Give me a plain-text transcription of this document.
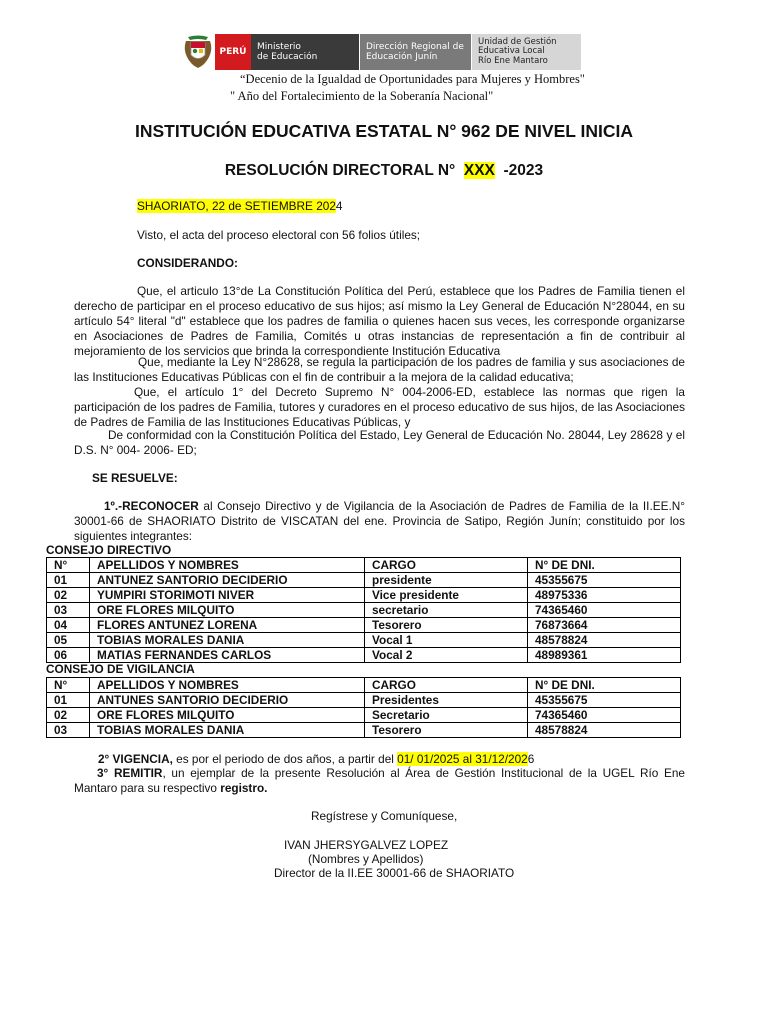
PERÚ	Ministerio
de Educación
Dirección Regional de
Educación Junín
Unidad de Gestión
Educativa Local
Río Ene Mantaro
“Decenio de la Igualdad de Oportunidades para Mujeres y Hombres"
" Año del Fortalecimiento de la Soberanía Nacional"
INSTITUCIÓN EDUCATIVA ESTATAL N° 962 DE NIVEL INICIA
RESOLUCIÓN DIRECTORAL N° XXX -2023
SHAORIATO, 22 de SETIEMBRE 2024
Visto, el acta del proceso electoral con 56 folios útiles;
CONSIDERANDO:
Que, el articulo 13°de La Constitución Política del Perú, establece que los Padres de Familia tienen el derecho de participar en el proceso educativo de sus hijos; así mismo la Ley General de Educación N°28044, en su artículo 54° literal "d" establece que los padres de familia o quienes hacen sus veces, les corresponde organizarse en Asociaciones de Padres de Familia, Comités u otras instancias de representación a fin de contribuir al mejoramiento de los servicios que brinda la correspondiente Institución Educativa
Que, mediante la Ley N°28628, se regula la participación de los padres de familia y sus asociaciones de las Instituciones Educativas Públicas con el fin de contribuir a la mejora de la calidad educativa;
Que, el artículo 1° del Decreto Supremo N° 004-2006-ED, establece las normas que rigen la participación de los padres de Familia, tutores y curadores en el proceso educativo de sus hijos, de las Asociaciones de Padres de Familia de las Instituciones Educativas Públicas, y
De conformidad con la Constitución Política del Estado, Ley General de Educación No. 28044, Ley 28628 y el D.S. N° 004- 2006- ED;
SE RESUELVE:
1º.-RECONOCER al Consejo Directivo y de Vigilancia de la Asociación de Padres de Familia de la II.EE.N° 30001-66 de SHAORIATO Distrito de VISCATAN del ene. Provincia de Satipo, Región Junín; constituido por los siguientes integrantes:
CONSEJO DIRECTIVO
N°	APELLIDOS Y NOMBRES	CARGO	N° DE DNI.
01	ANTUNEZ SANTORIO DECIDERIO	presidente	45355675
02	YUMPIRI STORIMOTI NIVER	Vice presidente	48975336
03	ORE FLORES MILQUITO	secretario	74365460
04	FLORES ANTUNEZ LORENA	Tesorero	76873664
05	TOBIAS MORALES DANIA	Vocal 1	48578824
06	MATIAS FERNANDES CARLOS	Vocal 2	48989361
CONSEJO DE VIGILANCIA
N°	APELLIDOS Y NOMBRES	CARGO	N° DE DNI.
01	ANTUNES SANTORIO DECIDERIO	Presidentes	45355675
02	ORE FLORES MILQUITO	Secretario	74365460
03	TOBIAS MORALES DANIA	Tesorero	48578824
2° VIGENCIA, es por el periodo de dos años, a partir del 01/ 01/2025 al 31/12/2026
3° REMITIR, un ejemplar de la presente Resolución al Área de Gestión Institucional de la UGEL Río Ene Mantaro para su respectivo registro.
Regístrese y Comuníquese,
IVAN JHERSYGALVEZ LOPEZ
(Nombres y Apellidos)
Director de la II.EE 30001-66 de SHAORIATO
